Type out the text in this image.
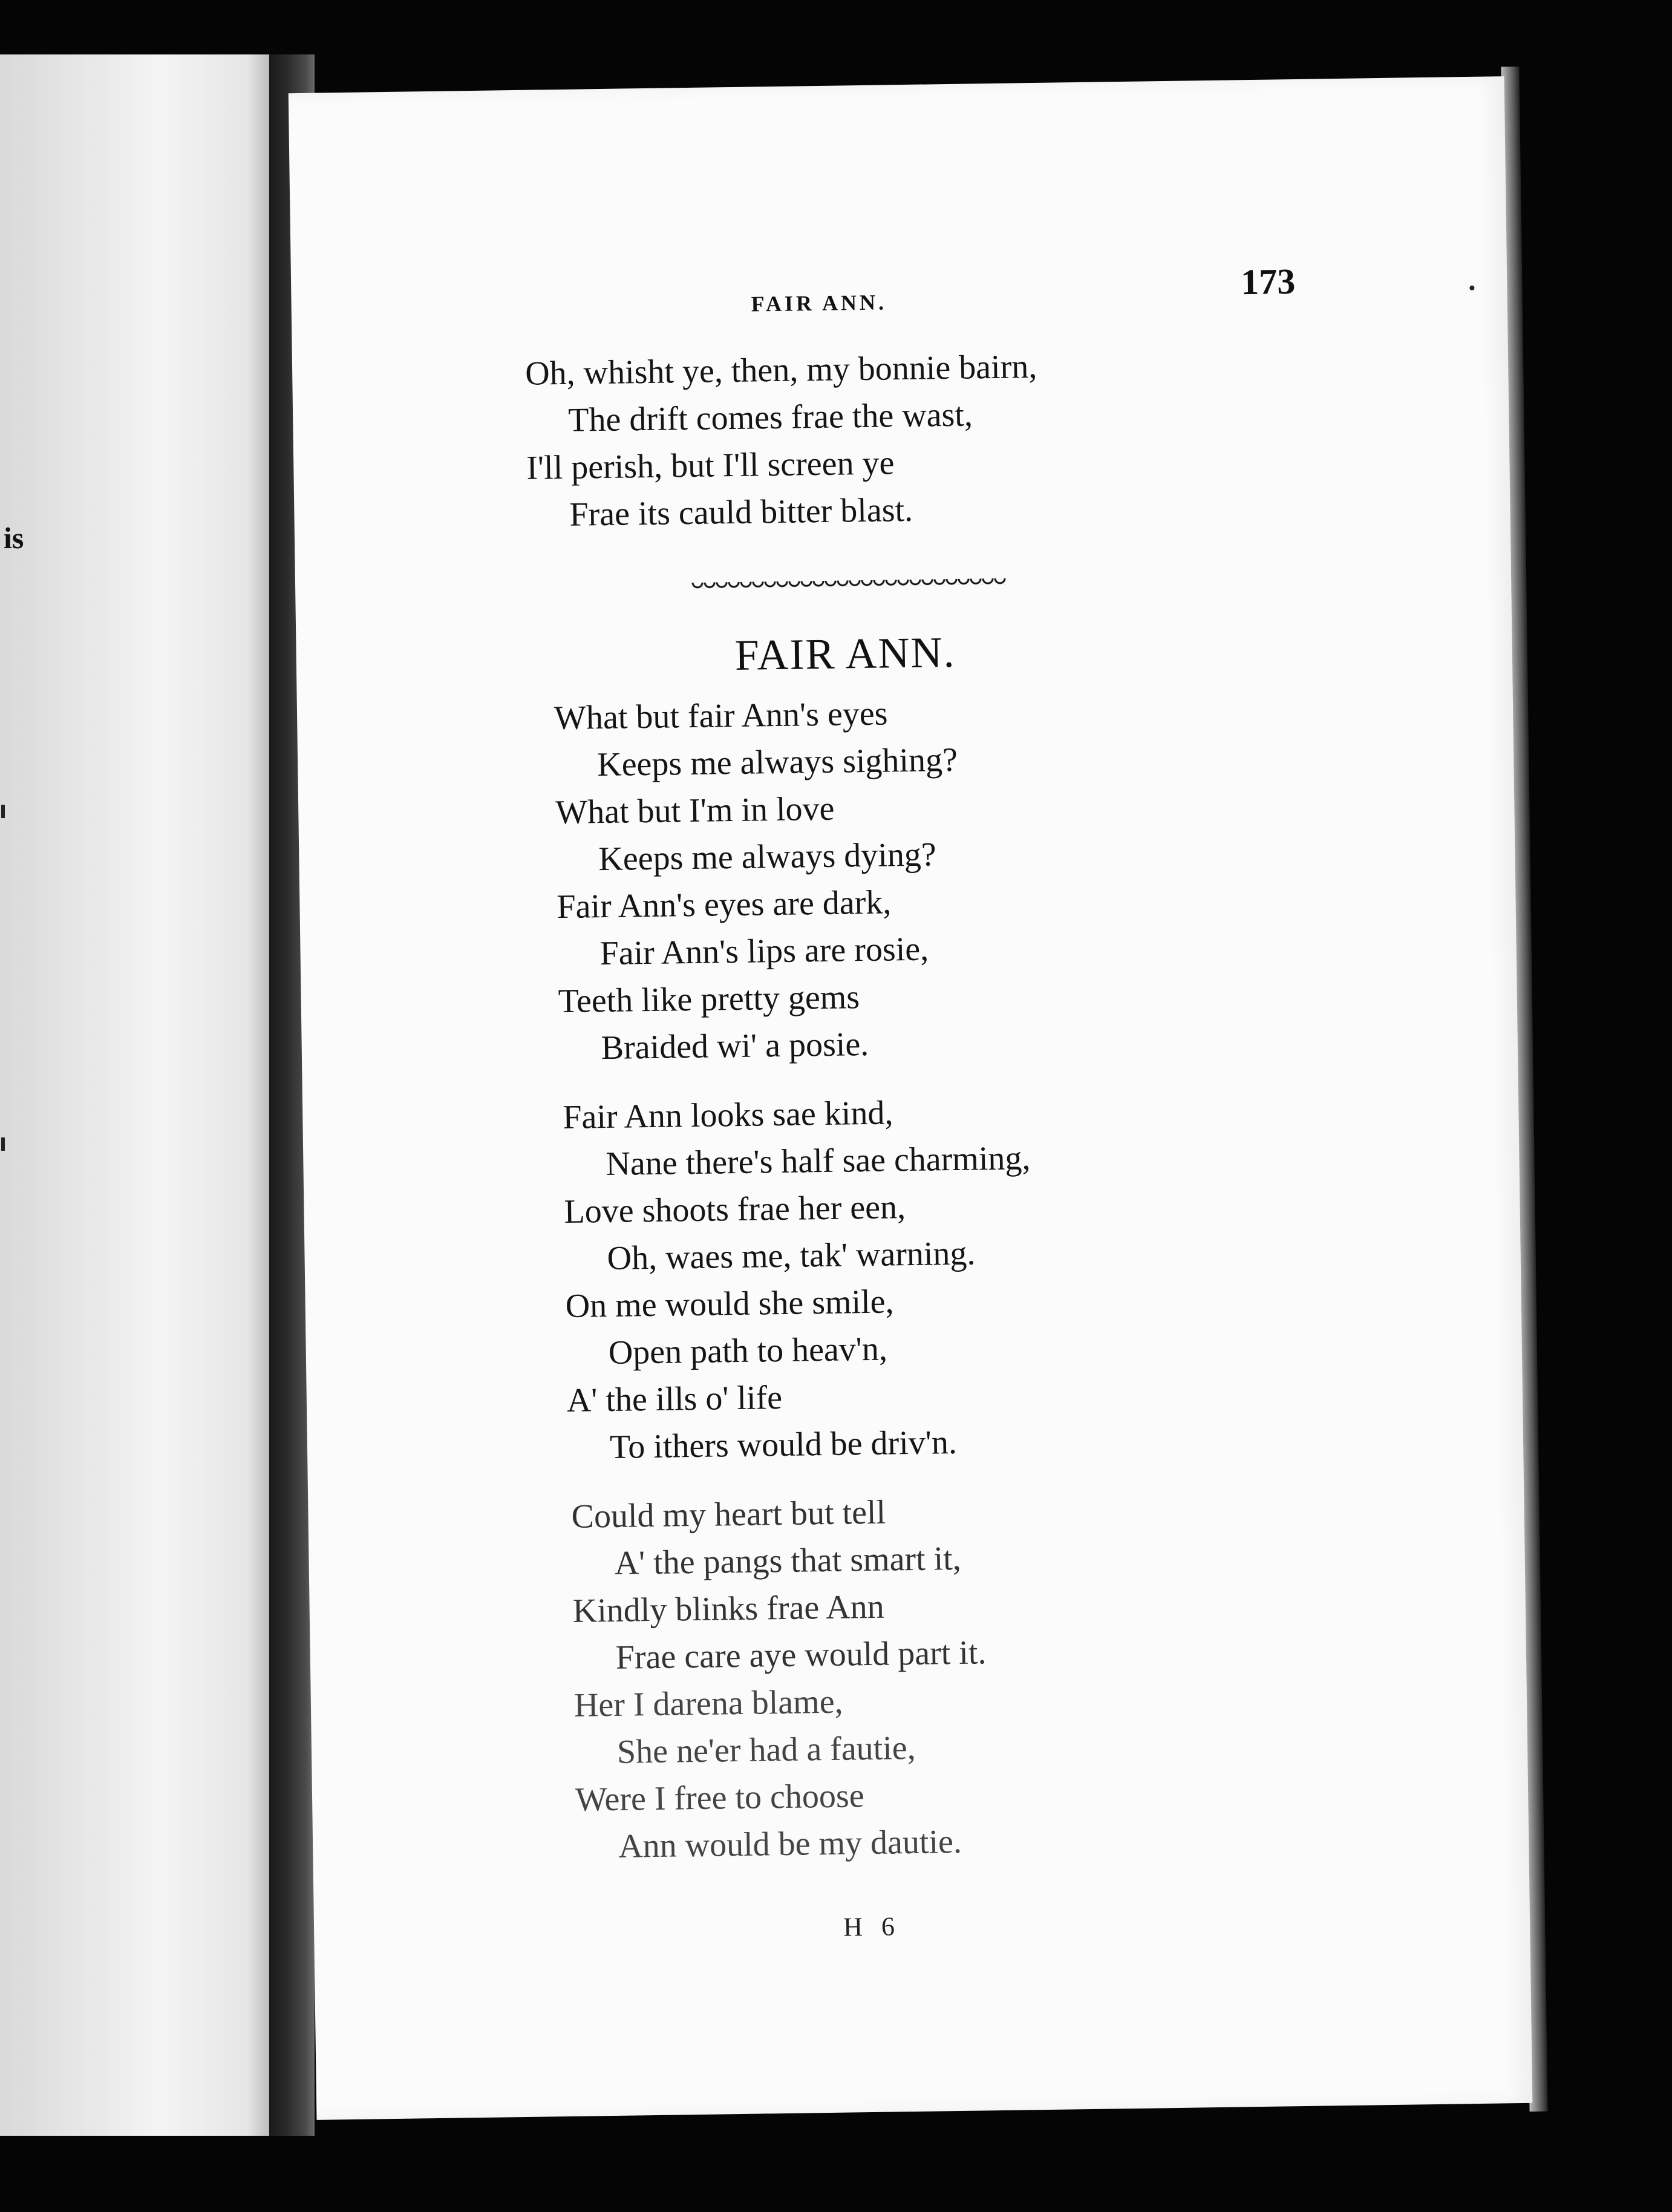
is
FAIR ANN.
173
Oh, whisht ye, then, my bonnie bairn,
The drift comes frae the wast,
I'll perish, but I'll screen ye
Frae its cauld bitter blast.
FAIR ANN.
What but fair Ann's eyes
Keeps me always sighing?
What but I'm in love
Keeps me always dying?
Fair Ann's eyes are dark,
Fair Ann's lips are rosie,
Teeth like pretty gems
Braided wi' a posie.
Fair Ann looks sae kind,
Nane there's half sae charming,
Love shoots frae her een,
Oh, waes me, tak' warning.
On me would she smile,
Open path to heav'n,
A' the ills o' life
To ithers would be driv'n.
Could my heart but tell
A' the pangs that smart it,
Kindly blinks frae Ann
Frae care aye would part it.
Her I darena blame,
She ne'er had a fautie,
Were I free to choose
Ann would be my dautie.
H 6
